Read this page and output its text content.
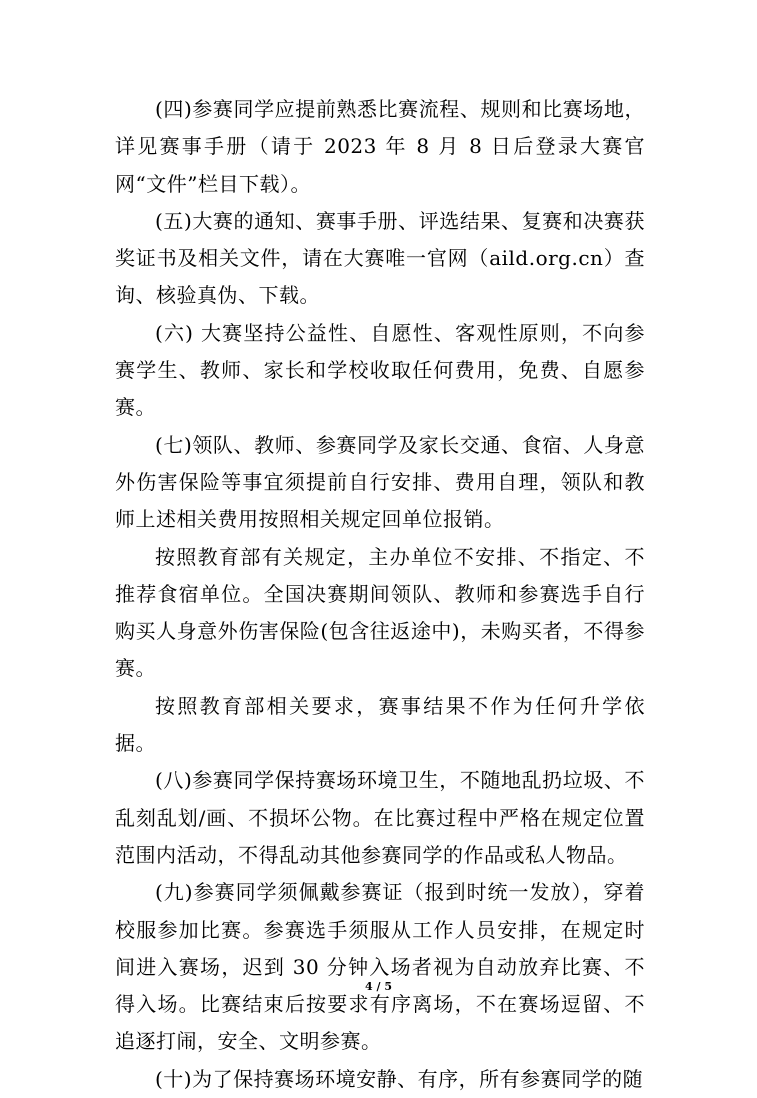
(四)参赛同学应提前熟悉比赛流程、规则和比赛场地，详见赛事手册（请于 2023 年 8 月 8 日后登录大赛官网“文件”栏目下载）。

(五)大赛的通知、赛事手册、评选结果、复赛和决赛获奖证书及相关文件，请在大赛唯一官网（aild.org.cn）查询、核验真伪、下载。

(六) 大赛坚持公益性、自愿性、客观性原则，不向参赛学生、教师、家长和学校收取任何费用，免费、自愿参赛。

(七)领队、教师、参赛同学及家长交通、食宿、人身意外伤害保险等事宜须提前自行安排、费用自理，领队和教师上述相关费用按照相关规定回单位报销。

按照教育部有关规定，主办单位不安排、不指定、不推荐食宿单位。全国决赛期间领队、教师和参赛选手自行购买人身意外伤害保险(包含往返途中)，未购买者，不得参赛。

按照教育部相关要求，赛事结果不作为任何升学依据。

(八)参赛同学保持赛场环境卫生，不随地乱扔垃圾、不乱刻乱划/画、不损坏公物。在比赛过程中严格在规定位置范围内活动，不得乱动其他参赛同学的作品或私人物品。

(九)参赛同学须佩戴参赛证（报到时统一发放），穿着校服参加比赛。参赛选手须服从工作人员安排，在规定时间进入赛场，迟到 30 分钟入场者视为自动放弃比赛、不得入场。比赛结束后按要求有序离场，不在赛场逗留、不追逐打闹，安全、文明参赛。

(十)为了保持赛场环境安静、有序，所有参赛同学的随

4 / 5
